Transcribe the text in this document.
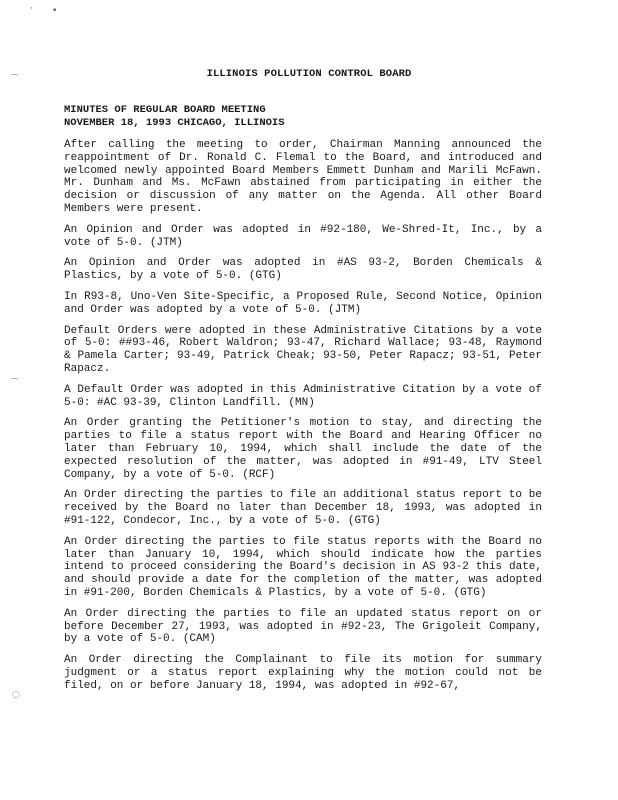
· •
⌒
⌒
◌
ILLINOIS POLLUTION CONTROL BOARD
MINUTES OF REGULAR BOARD MEETING
NOVEMBER 18, 1993 CHICAGO, ILLINOIS

After calling the meeting to order, Chairman Manning announced the reappointment of Dr. Ronald C. Flemal to the Board, and introduced and welcomed newly appointed Board Members Emmett Dunham and Marili McFawn. Mr. Dunham and Ms. McFawn abstained from participating in either the decision or discussion of any matter on the Agenda. All other Board Members were present.

An Opinion and Order was adopted in #92-180, We-Shred-It, Inc., by a vote of 5-0. (JTM)

An Opinion and Order was adopted in #AS 93-2, Borden Chemicals & Plastics, by a vote of 5-0. (GTG)

In R93-8, Uno-Ven Site-Specific, a Proposed Rule, Second Notice, Opinion and Order was adopted by a vote of 5-0. (JTM)

Default Orders were adopted in these Administrative Citations by a vote of 5-0: ##93-46, Robert Waldron; 93-47, Richard Wallace; 93-48, Raymond & Pamela Carter; 93-49, Patrick Cheak; 93-50, Peter Rapacz; 93-51, Peter Rapacz.

A Default Order was adopted in this Administrative Citation by a vote of 5-0: #AC 93-39, Clinton Landfill. (MN)

An Order granting the Petitioner's motion to stay, and directing the parties to file a status report with the Board and Hearing Officer no later than February 10, 1994, which shall include the date of the expected resolution of the matter, was adopted in #91-49, LTV Steel Company, by a vote of 5-0. (RCF)

An Order directing the parties to file an additional status report to be received by the Board no later than December 18, 1993, was adopted in #91-122, Condecor, Inc., by a vote of 5-0. (GTG)

An Order directing the parties to file status reports with the Board no later than January 10, 1994, which should indicate how the parties intend to proceed considering the Board's decision in AS 93-2 this date, and should provide a date for the completion of the matter, was adopted in #91-200, Borden Chemicals & Plastics, by a vote of 5-0. (GTG)

An Order directing the parties to file an updated status report on or before December 27, 1993, was adopted in #92-23, The Grigoleit Company, by a vote of 5-0. (CAM)

An Order directing the Complainant to file its motion for summary judgment or a status report explaining why the motion could not be filed, on or before January 18, 1994, was adopted in #92-67,
